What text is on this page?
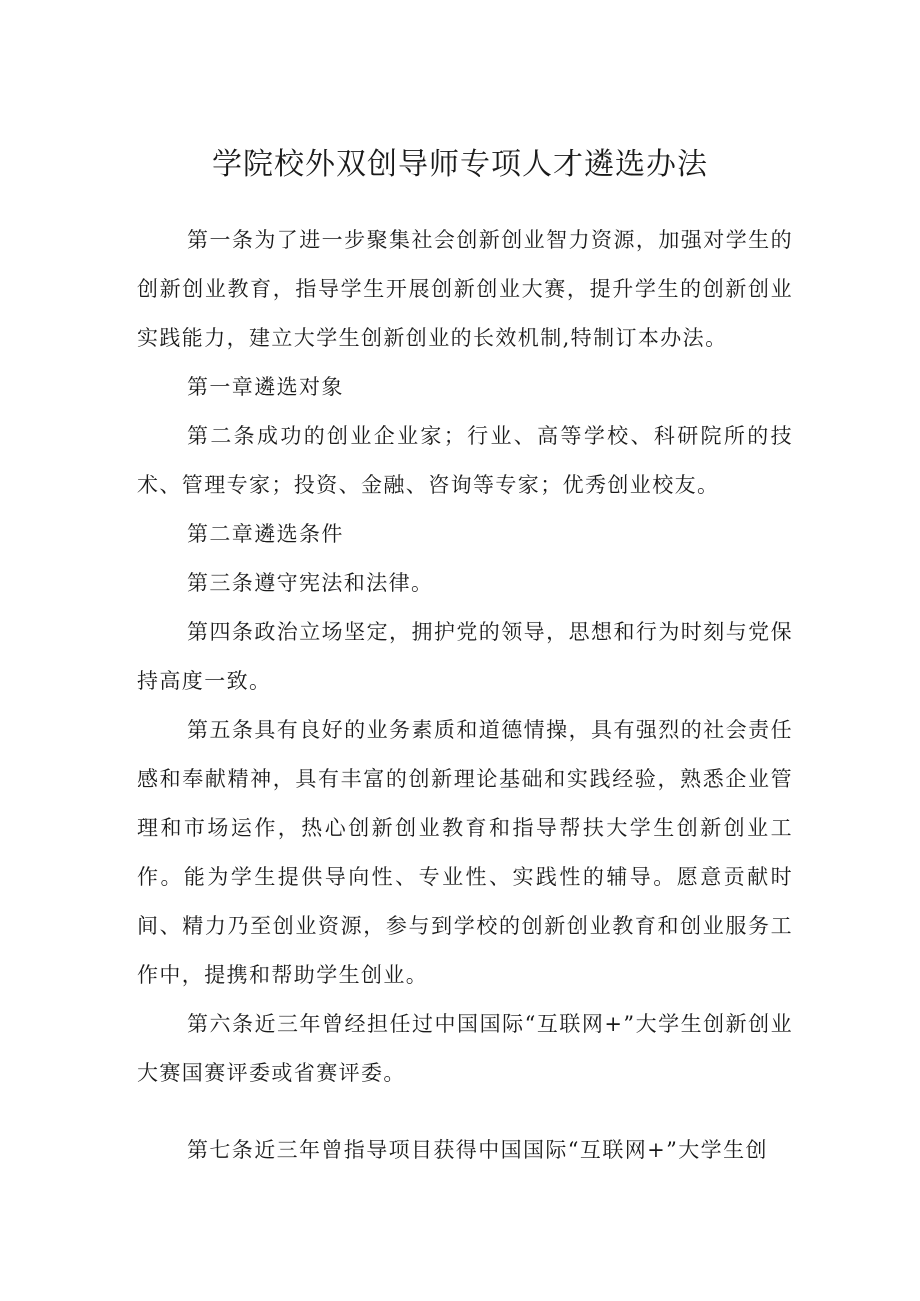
学院校外双创导师专项人才遴选办法

第一条为了进一步聚集社会创新创业智力资源，加强对学生的创新创业教育，指导学生开展创新创业大赛，提升学生的创新创业实践能力，建立大学生创新创业的长效机制,特制订本办法。

第一章遴选对象

第二条成功的创业企业家；行业、高等学校、科研院所的技术、管理专家；投资、金融、咨询等专家；优秀创业校友。

第二章遴选条件

第三条遵守宪法和法律。

第四条政治立场坚定，拥护党的领导，思想和行为时刻与党保持高度一致。

第五条具有良好的业务素质和道德情操，具有强烈的社会责任感和奉献精神，具有丰富的创新理论基础和实践经验，熟悉企业管理和市场运作，热心创新创业教育和指导帮扶大学生创新创业工作。能为学生提供导向性、专业性、实践性的辅导。愿意贡献时间、精力乃至创业资源，参与到学校的创新创业教育和创业服务工作中，提携和帮助学生创业。

第六条近三年曾经担任过中国国际“互联网+”大学生创新创业大赛国赛评委或省赛评委。

第七条近三年曾指导项目获得中国国际“互联网+”大学生创
